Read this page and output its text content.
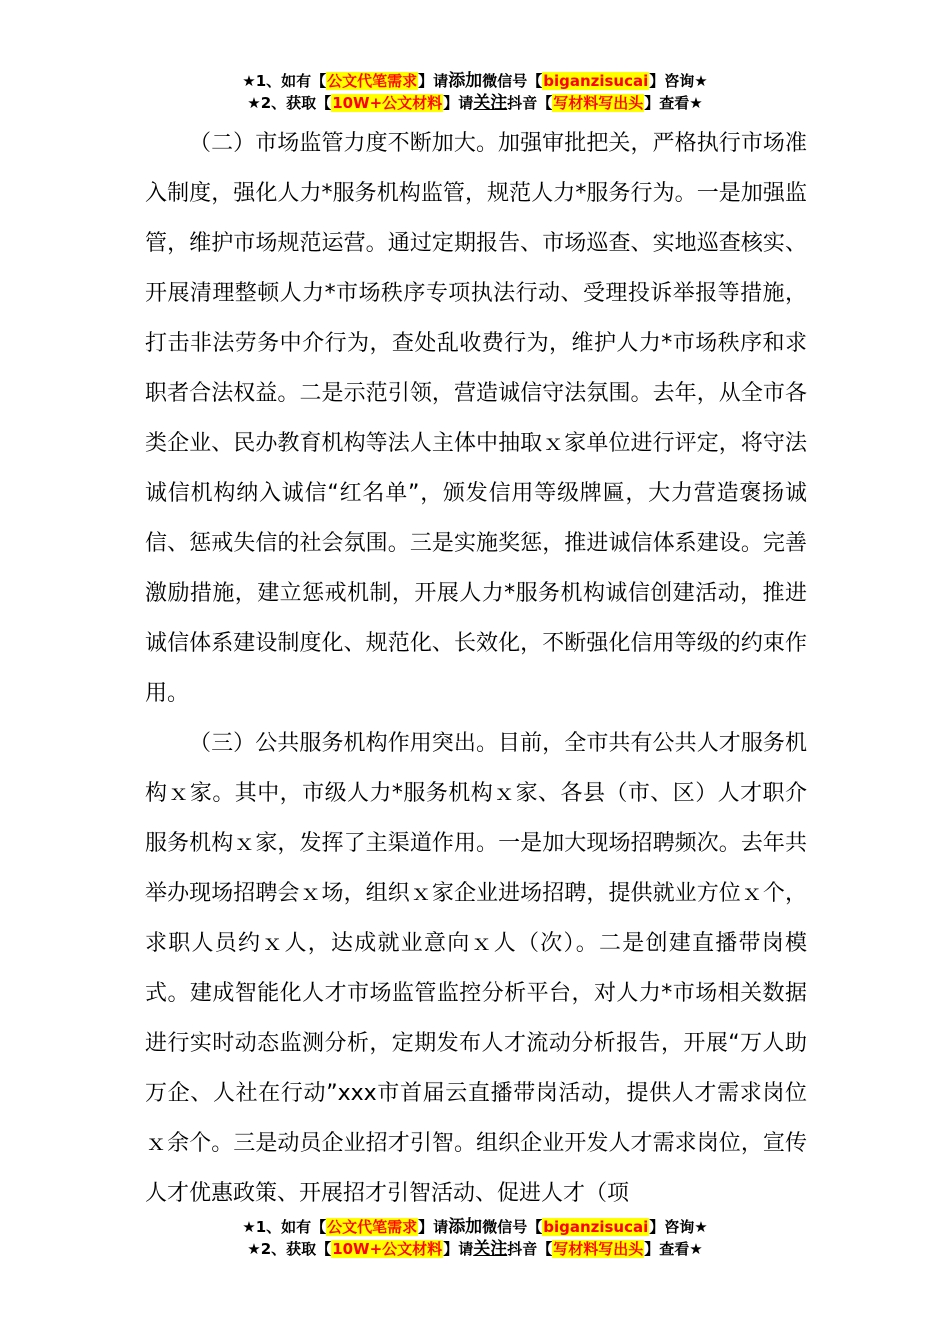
★1、如有【公文代笔需求】请添加微信号【biganzisucai】咨询★
★2、获取【10W+公文材料】请关注抖音【写材料写出头】查看★

（二）市场监管力度不断加大。加强审批把关，严格执行市场准入制度，强化人力*服务机构监管，规范人力*服务行为。一是加强监管，维护市场规范运营。通过定期报告、市场巡查、实地巡查核实、开展清理整顿人力*市场秩序专项执法行动、受理投诉举报等措施，打击非法劳务中介行为，查处乱收费行为，维护人力*市场秩序和求职者合法权益。二是示范引领，营造诚信守法氛围。去年，从全市各类企业、民办教育机构等法人主体中抽取ｘ家单位进行评定，将守法诚信机构纳入诚信“红名单”，颁发信用等级牌匾，大力营造褒扬诚信、惩戒失信的社会氛围。三是实施奖惩，推进诚信体系建设。完善激励措施，建立惩戒机制，开展人力*服务机构诚信创建活动，推进诚信体系建设制度化、规范化、长效化，不断强化信用等级的约束作用。

（三）公共服务机构作用突出。目前，全市共有公共人才服务机构ｘ家。其中，市级人力*服务机构ｘ家、各县（市、区）人才职介服务机构ｘ家，发挥了主渠道作用。一是加大现场招聘频次。去年共举办现场招聘会ｘ场，组织ｘ家企业进场招聘，提供就业方位ｘ个，求职人员约ｘ人，达成就业意向ｘ人（次）。二是创建直播带岗模式。建成智能化人才市场监管监控分析平台，对人力*市场相关数据进行实时动态监测分析，定期发布人才流动分析报告，开展“万人助万企、人社在行动”xxx市首届云直播带岗活动，提供人才需求岗位ｘ余个。三是动员企业招才引智。组织企业开发人才需求岗位，宣传人才优惠政策、开展招才引智活动、促进人才（项

★1、如有【公文代笔需求】请添加微信号【biganzisucai】咨询★
★2、获取【10W+公文材料】请关注抖音【写材料写出头】查看★
